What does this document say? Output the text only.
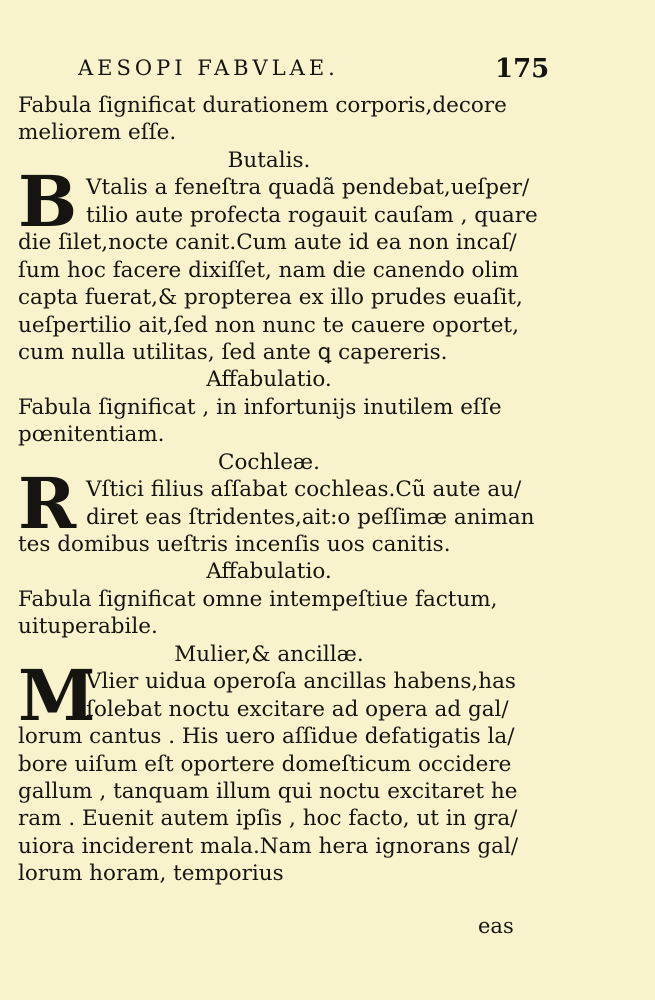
AESOPI FABVLAE.	175
Fabula ſignificat durationem corporis,decore
meliorem eſſe.
Butalis.
B Vtalis a feneſtra quadã pendebat,ueſper/
tilio aute profecta rogauit cauſam , quare
die ſilet,nocte canit.Cum aute id ea non incaſ/
ſum hoc facere dixiſſet, nam die canendo olim
capta fuerat,& propterea ex illo prudes euaſit,
ueſpertilio ait,ſed non nunc te cauere oportet,
cum nulla utilitas, ſed ante ꝗ capereris.
Affabulatio.
Fabula ſignificat , in infortunijs inutilem eſſe
pœnitentiam.
Cochleæ.
R Vſtici filius aſſabat cochleas.Cũ aute au/
diret eas ſtridentes,ait:o peſſimæ animan
tes domibus ueſtris incenſis uos canitis.
Affabulatio.
Fabula ſignificat omne intempeſtiue factum,
uituperabile.
Mulier,& ancillæ.
M
Vlier uidua operoſa ancillas habens,has
ſolebat noctu excitare ad opera ad gal/
lorum cantus . His uero aſſidue defatigatis la/
bore uiſum eſt oportere domeſticum occidere
gallum , tanquam illum qui noctu excitaret he
ram . Euenit autem ipſis , hoc facto, ut in gra/
uiora inciderent mala.Nam hera ignorans gal/
lorum horam, temporius
eas
